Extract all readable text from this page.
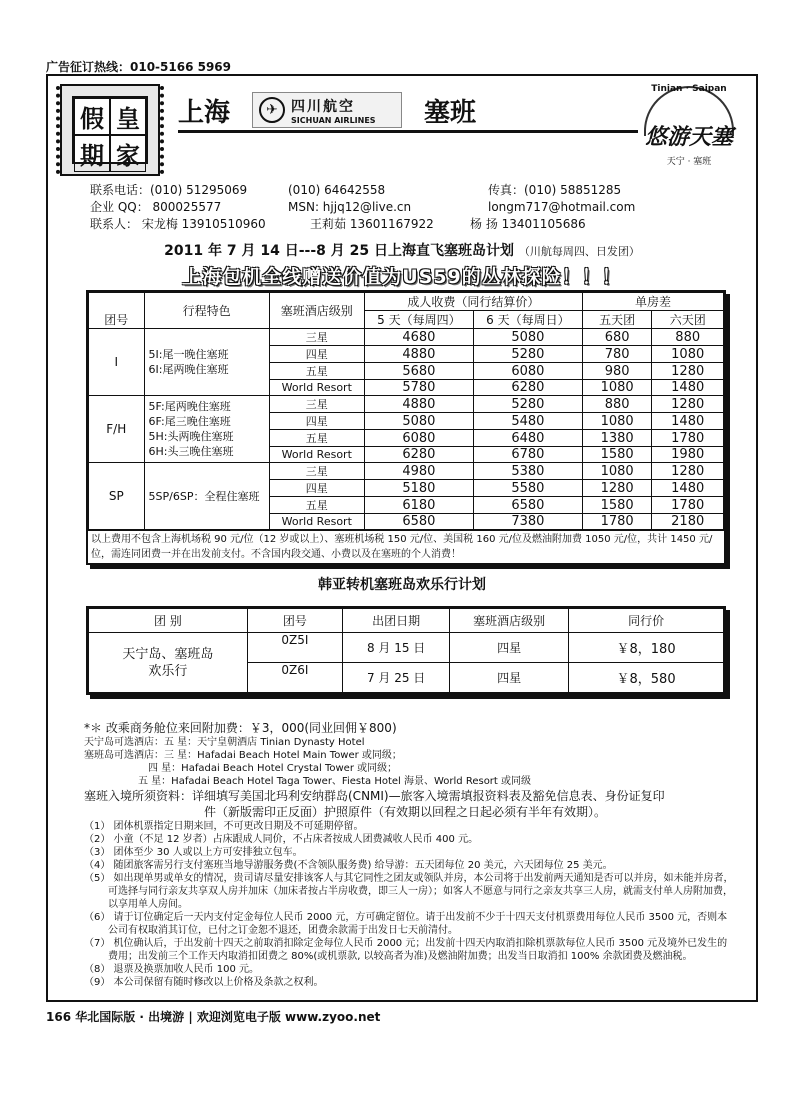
广告征订热线：010-5166 5969
假 皇
期 家
上海	✈ 四川航空
SICHUAN AIRLINES 塞班
Tinian · Saipan
悠游天塞
天宁 · 塞班
联系电话：(010) 51295069	(010) 64642558	传真：(010) 58851285
企业 QQ： 800025577	MSN: hjjq12@live.cn	longm717@hotmail.com
联系人： 宋龙梅 13910510960	王莉茹 13601167922	杨 扬 13401105686
2011 年 7 月 14 日---8 月 25 日上海直飞塞班岛计划 （川航每周四、日发团）
上海包机全线赠送价值为US59的丛林探险！！！
团号	行程特色	塞班酒店级别	成人收费（同行结算价）		单房差	
			5 天（每周四）	6 天（每周日）	五天团	六天团
I	5I:尾一晚住塞班
6I:尾两晚住塞班	三星	4680	5080	680	880
		四星	4880	5280	780	1080
		五星	5680	6080	980	1280
		World Resort	5780	6280	1080	1480
F/H	5F:尾两晚住塞班
6F:尾三晚住塞班
5H:头两晚住塞班
6H:头三晚住塞班	三星	4880	5280	880	1280
		四星	5080	5480	1080	1480
		五星	6080	6480	1380	1780
		World Resort	6280	6780	1580	1980
SP	5SP/6SP：全程住塞班	三星	4980	5380	1080	1280
		四星	5180	5580	1280	1480
		五星	6180	6580	1580	1780
		World Resort	6580	7380	1780	2180
以上费用不包含上海机场税 90 元/位（12 岁或以上）、塞班机场税 150 元/位、美国税 160 元/位及燃油附加费 1050 元/位，共计 1450 元/位，需连同团费一并在出发前支付。不含国内段交通、小费以及在塞班的个人消费！
韩亚转机塞班岛欢乐行计划
团 别	团号	出团日期	塞班酒店级别	同行价
天宁岛、塞班岛
欢乐行	0Z5I	8 月 15 日	四星	￥8，180
	0Z6I	7 月 25 日	四星	￥8，580
*＊ 改乘商务舱位来回附加费：￥3，000(同业回佣￥800)
天宁岛可选酒店：五 星：天宁皇朝酒店 Tinian Dynasty Hotel
塞班岛可选酒店：三 星：Hafadai Beach Hotel Main Tower 或同级；
四 星：Hafadai Beach Hotel Crystal Tower 或同级；
五 星：Hafadai Beach Hotel Taga Tower、Fiesta Hotel 海景、World Resort 或同级
塞班入境所须资料：详细填写美国北玛利安纳群岛(CNMI)—旅客入境需填报资料表及豁免信息表、身份证复印
件（新版需印正反面）护照原件（有效期以回程之日起必须有半年有效期）。
（1） 团体机票指定日期来回，不可更改日期及不可延期停留。
（2） 小童（不足 12 岁者）占床跟成人同价，不占床者按成人团费减收人民币 400 元。
（3） 团体至少 30 人或以上方可安排独立包车。
（4） 随团旅客需另行支付塞班当地导游服务费(不含领队服务费) 给导游：五天团每位 20 美元，六天团每位 25 美元。
（5） 如出现单男或单女的情况，贵司请尽量安排该客人与其它同性之团友或领队并房，本公司将于出发前两天通知是否可以并房，如未能并房者，可选择与同行亲友共享双人房并加床（加床者按占半房收费，即三人一房）；如客人不愿意与同行之亲友共享三人房，就需支付单人房附加费，以享用单人房间。
（6） 请于订位确定后一天内支付定金每位人民币 2000 元，方可确定留位。请于出发前不少于十四天支付机票费用每位人民币 3500 元，否则本公司有权取消其订位，已付之订金恕不退还，团费余款需于出发日七天前清付。
（7） 机位确认后，于出发前十四天之前取消扣除定金每位人民币 2000 元；出发前十四天内取消扣除机票款每位人民币 3500 元及境外已发生的费用；出发前三个工作天内取消扣团费之 80%(或机票款, 以较高者为准)及燃油附加费；出发当日取消扣 100% 余款团费及燃油税。
（8） 退票及换票加收人民币 100 元。
（9） 本公司保留有随时修改以上价格及条款之权利。
166 华北国际版 · 出境游 | 欢迎浏览电子版 www.zyoo.net
